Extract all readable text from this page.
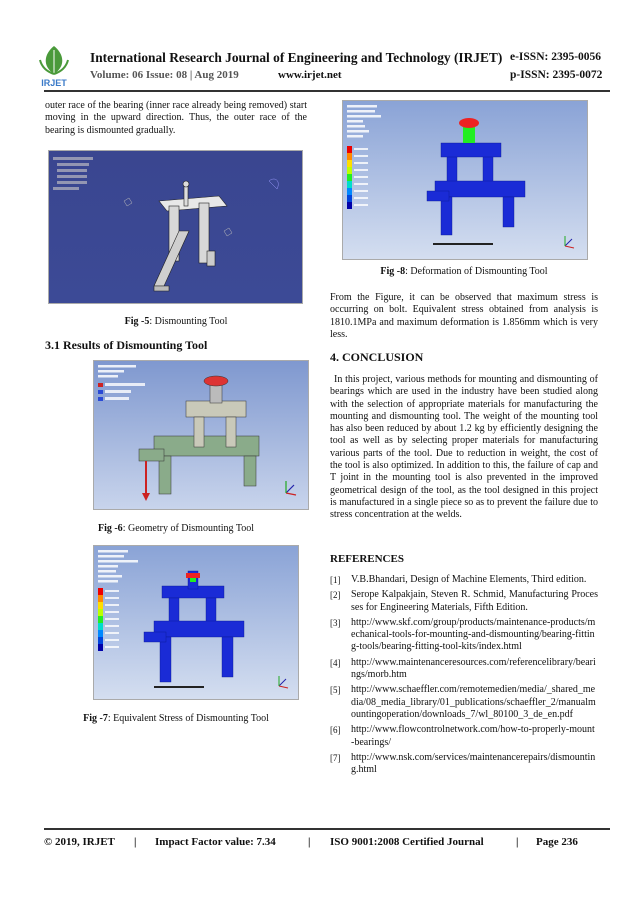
IRJET
International Research Journal of Engineering and Technology (IRJET) e-ISSN: 2395-0056
Volume: 06 Issue: 08 | Aug 2019	www.irjet.net	p-ISSN: 2395-0072
outer race of the bearing (inner race already being removed) start moving in the upward direction. Thus, the outer race of the bearing is dismounted gradually.
Fig -5: Dismounting Tool
3.1 Results of Dismounting Tool
Fig -6: Geometry of Dismounting Tool
Fig -7: Equivalent Stress of Dismounting Tool
Fig -8: Deformation of Dismounting Tool
From the Figure, it can be observed that maximum stress is occurring on bolt. Equivalent stress obtained from analysis is 1810.1MPa and maximum deformation is 1.856mm which is very less.
4. CONCLUSION
In this project, various methods for mounting and dismounting of bearings which are used in the industry have been studied along with the selection of appropriate materials for manufacturing the mounting and dismounting tool. The weight of the mounting tool has also been reduced by about 1.2 kg by efficiently designing the tool as well as by selecting proper materials for manufacturing various parts of the tool. Due to reduction in weight, the cost of the tool is also optimized. In addition to this, the failure of cap and T joint in the mounting tool is also prevented in the improved geometrical design of the tool, as the tool designed in this project is manufactured in a single piece so as to prevent the failure due to stress concentration at the welds.
REFERENCES
[1] V.B.Bhandari, Design of Machine Elements, Third edition.
[2] Serope Kalpakjain, Steven R. Schmid, Manufacturing Processes for Engineering Materials, Fifth Edition.
[3] http://www.skf.com/group/products/maintenance-products/mechanical-tools-for-mounting-and-dismounting/bearing-fitting-tools/bearing-fitting-tool-kits/index.html
[4] http://www.maintenanceresources.com/referencelibrary/bearings/morb.htm
[5] http://www.schaeffler.com/remotemedien/media/_shared_media/08_media_library/01_publications/schaeffler_2/manualmountingoperation/downloads_7/wl_80100_3_de_en.pdf
[6] http://www.flowcontrolnetwork.com/how-to-properly-mount-bearings/
[7] http://www.nsk.com/services/maintenancerepairs/dismounting.html
© 2019, IRJET | Impact Factor value: 7.34	| ISO 9001:2008 Certified Journal	| Page 236
